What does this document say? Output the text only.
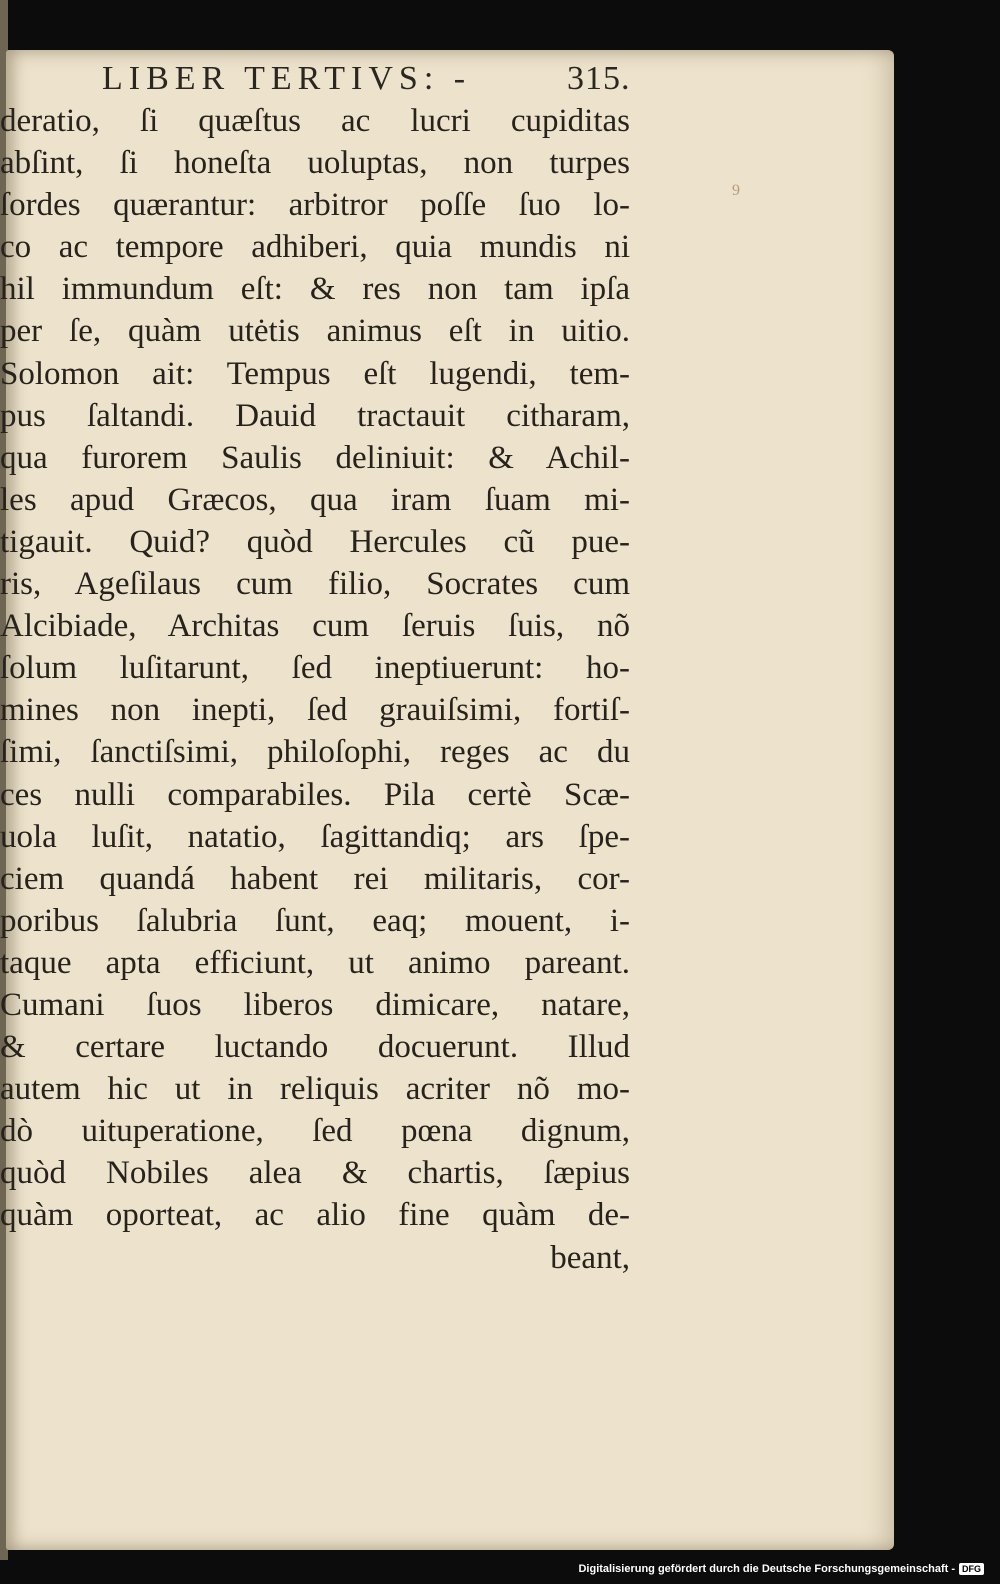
9
LIBER TERTIVS: -	315.
deratio, ſi quæſtus ac lucri cupiditas
abſint, ſi honeſta uoluptas, non turpes
ſordes quærantur: arbitror poſſe ſuo lo-
co ac tempore adhiberi, quia mundis ni
hil immundum eſt: & res non tam ipſa
per ſe, quàm utėtis animus eſt in uitio.
Solomon ait: Tempus eſt lugendi, tem-
pus ſaltandi. Dauid tractauit citharam,
qua furorem Saulis deliniuit: & Achil-
les apud Græcos, qua iram ſuam mi-
tigauit. Quid? quòd Hercules cũ pue-
ris, Ageſilaus cum filio, Socrates cum
Alcibiade, Architas cum ſeruis ſuis, nõ
ſolum luſitarunt, ſed ineptiuerunt: ho-
mines non inepti, ſed grauiſsimi, fortiſ-
ſimi, ſanctiſsimi, philoſophi, reges ac du
ces nulli comparabiles. Pila certè Scæ-
uola luſit, natatio, ſagittandiq; ars ſpe-
ciem quandá habent rei militaris, cor-
poribus ſalubria ſunt, eaq; mouent, i-
taque apta efficiunt, ut animo pareant.
Cumani ſuos liberos dimicare, natare,
& certare luctando docuerunt. Illud
autem hic ut in reliquis acriter nõ mo-
dò uituperatione, ſed pœna dignum,
quòd Nobiles alea & chartis, ſæpius
quàm oporteat, ac alio fine quàm de-
beant,
Digitalisierung gefördert durch die Deutsche Forschungsgemeinschaft - DFG
